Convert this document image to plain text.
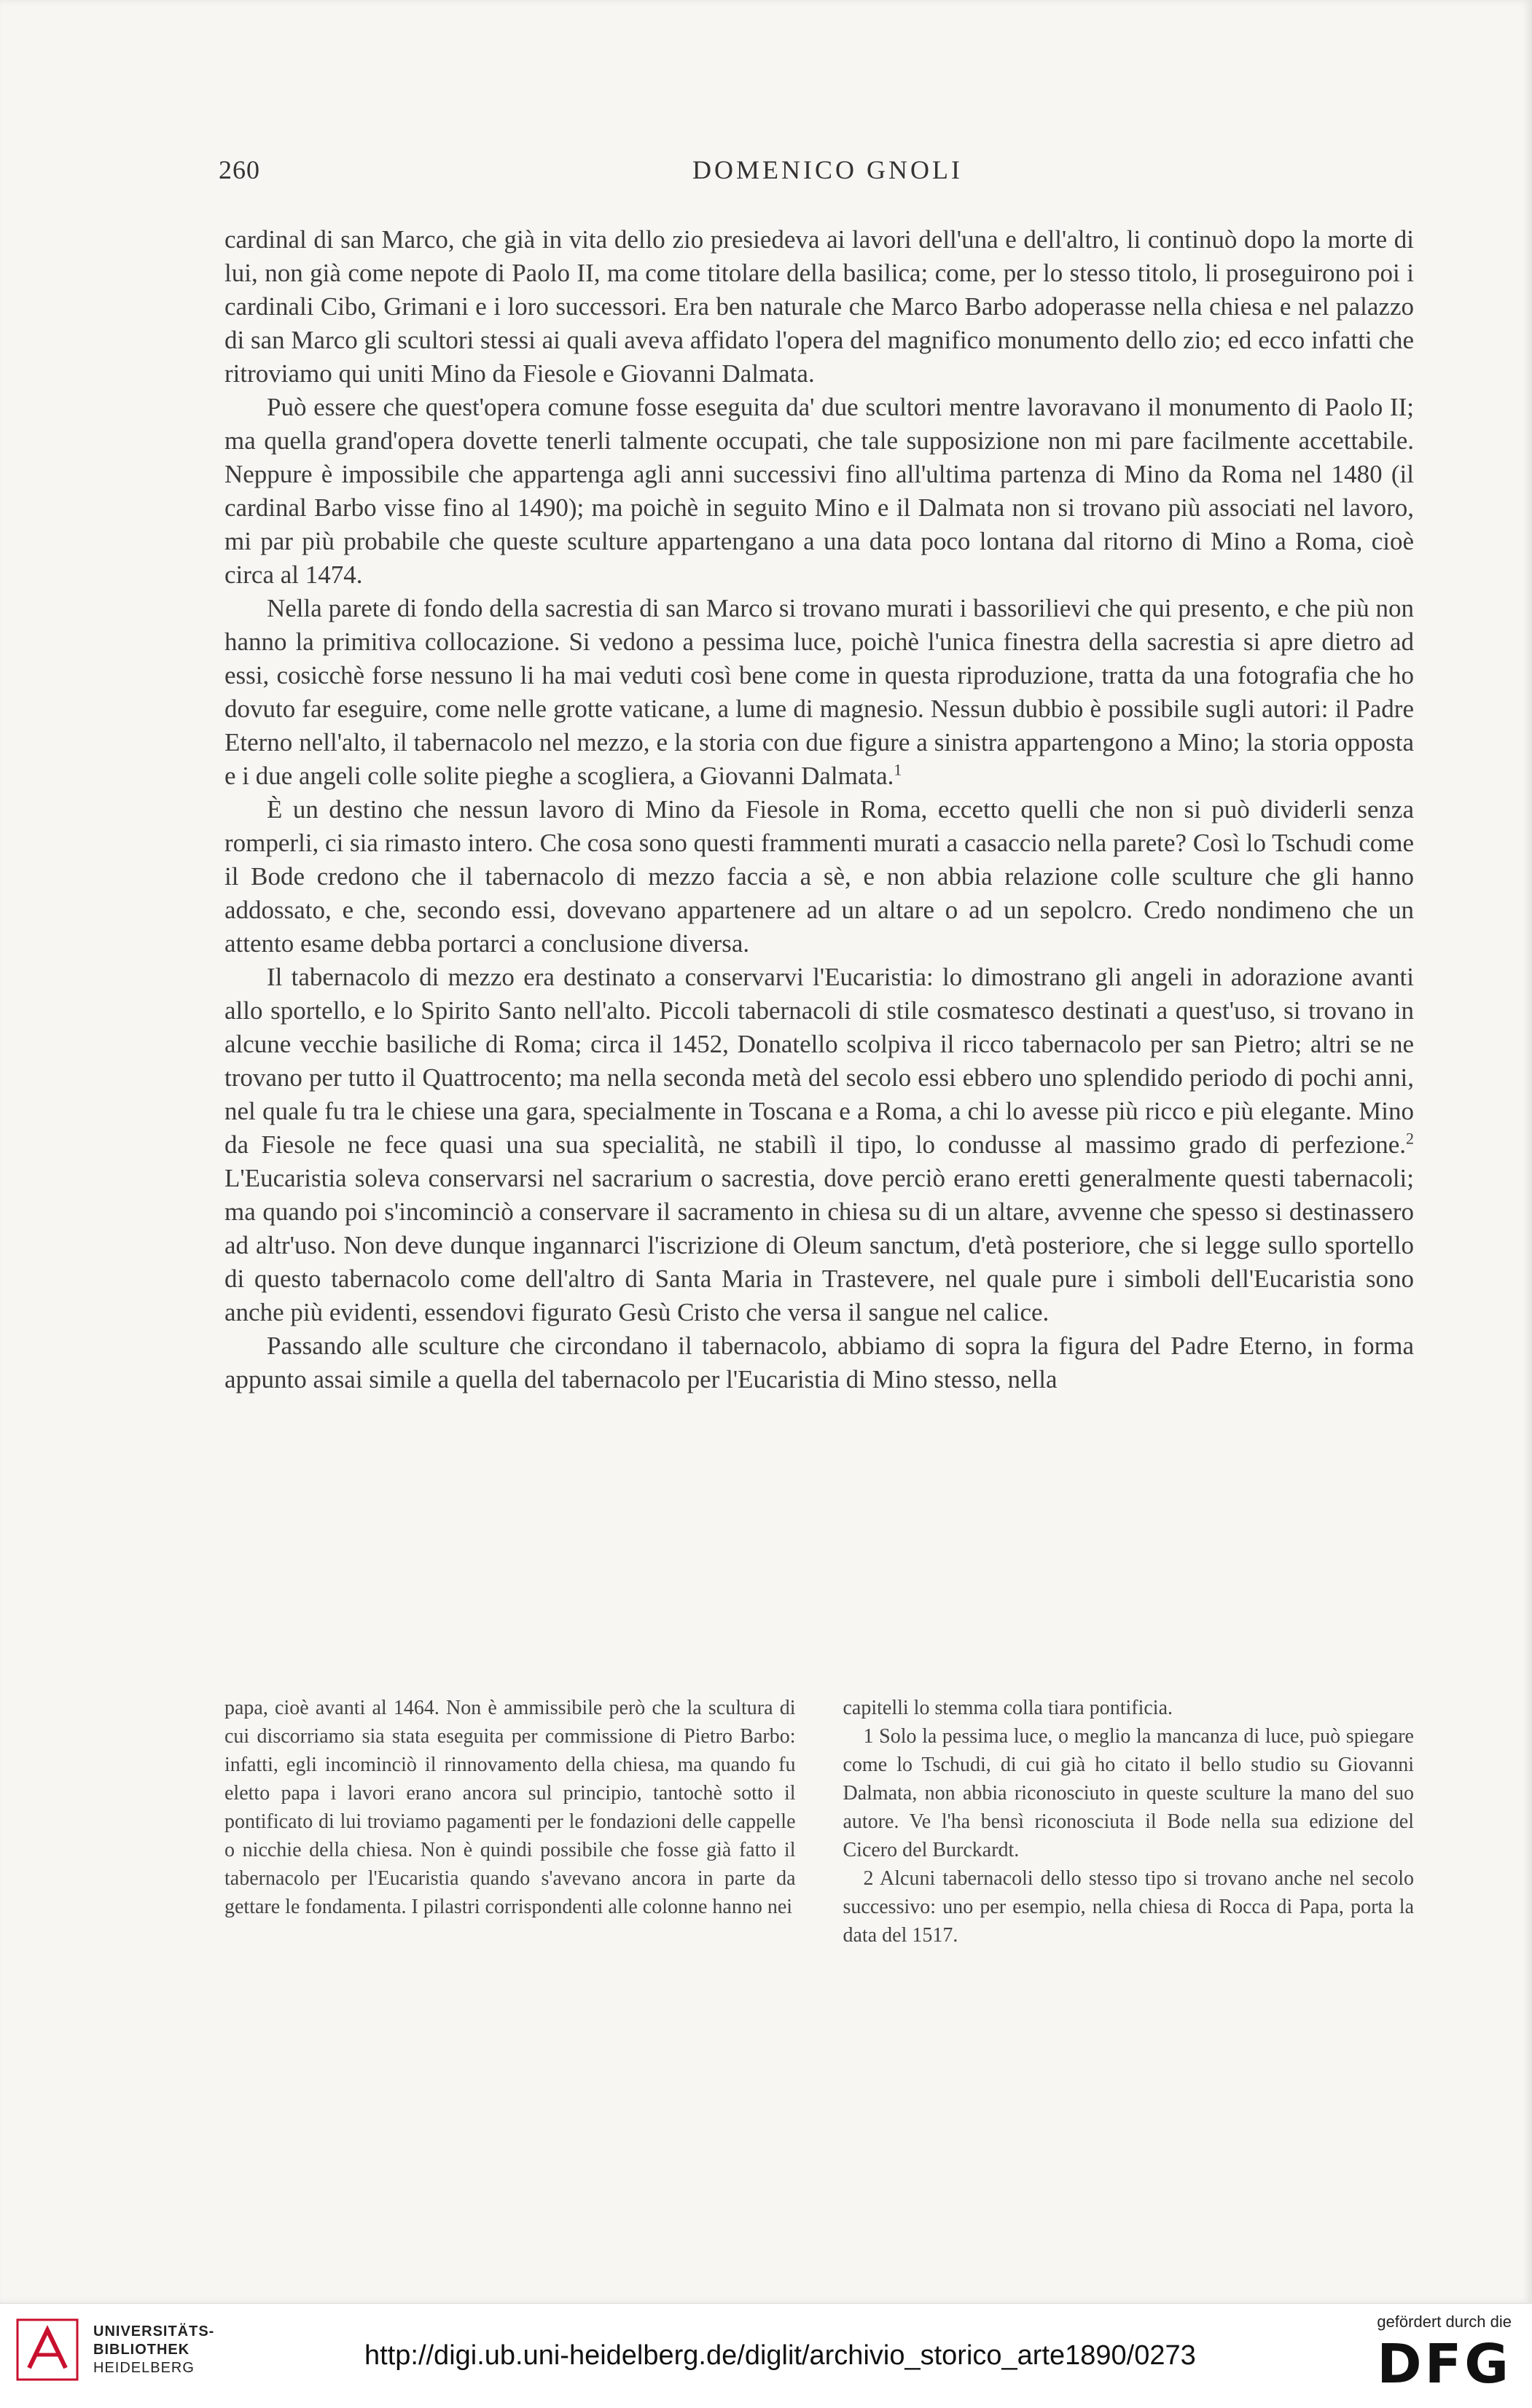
260	DOMENICO GNOLI

cardinal di san Marco, che già in vita dello zio presiedeva ai lavori dell'una e dell'altro, li continuò dopo la morte di lui, non già come nepote di Paolo II, ma come titolare della basilica; come, per lo stesso titolo, li proseguirono poi i cardinali Cibo, Grimani e i loro successori. Era ben naturale che Marco Barbo adoperasse nella chiesa e nel palazzo di san Marco gli scultori stessi ai quali aveva affidato l'opera del magnifico monumento dello zio; ed ecco infatti che ritroviamo qui uniti Mino da Fiesole e Giovanni Dalmata.

Può essere che quest'opera comune fosse eseguita da' due scultori mentre lavoravano il monumento di Paolo II; ma quella grand'opera dovette tenerli talmente occupati, che tale supposizione non mi pare facilmente accettabile. Neppure è impossibile che appartenga agli anni successivi fino all'ultima partenza di Mino da Roma nel 1480 (il cardinal Barbo visse fino al 1490); ma poichè in seguito Mino e il Dalmata non si trovano più associati nel lavoro, mi par più probabile che queste sculture appartengano a una data poco lontana dal ritorno di Mino a Roma, cioè circa al 1474.

Nella parete di fondo della sacrestia di san Marco si trovano murati i bassorilievi che qui presento, e che più non hanno la primitiva collocazione. Si vedono a pessima luce, poichè l'unica finestra della sacrestia si apre dietro ad essi, cosicchè forse nessuno li ha mai veduti così bene come in questa riproduzione, tratta da una fotografia che ho dovuto far eseguire, come nelle grotte vaticane, a lume di magnesio. Nessun dubbio è possibile sugli autori: il Padre Eterno nell'alto, il tabernacolo nel mezzo, e la storia con due figure a sinistra appartengono a Mino; la storia opposta e i due angeli colle solite pieghe a scogliera, a Giovanni Dalmata.$^1$

È un destino che nessun lavoro di Mino da Fiesole in Roma, eccetto quelli che non si può dividerli senza romperli, ci sia rimasto intero. Che cosa sono questi frammenti murati a casaccio nella parete? Così lo Tschudi come il Bode credono che il tabernacolo di mezzo faccia a sè, e non abbia relazione colle sculture che gli hanno addossato, e che, secondo essi, dovevano appartenere ad un altare o ad un sepolcro. Credo nondimeno che un attento esame debba portarci a conclusione diversa.

Il tabernacolo di mezzo era destinato a conservarvi l'Eucaristia: lo dimostrano gli angeli in adorazione avanti allo sportello, e lo Spirito Santo nell'alto. Piccoli tabernacoli di stile cosmatesco destinati a quest'uso, si trovano in alcune vecchie basiliche di Roma; circa il 1452, Donatello scolpiva il ricco tabernacolo per san Pietro; altri se ne trovano per tutto il Quattrocento; ma nella seconda metà del secolo essi ebbero uno splendido periodo di pochi anni, nel quale fu tra le chiese una gara, specialmente in Toscana e a Roma, a chi lo avesse più ricco e più elegante. Mino da Fiesole ne fece quasi una sua specialità, ne stabilì il tipo, lo condusse al massimo grado di perfezione.$^2$ L'Eucaristia soleva conservarsi nel sacrarium o sacrestia, dove perciò erano eretti generalmente questi tabernacoli; ma quando poi s'incominciò a conservare il sacramento in chiesa su di un altare, avvenne che spesso si destinassero ad altr'uso. Non deve dunque ingannarci l'iscrizione di Oleum sanctum, d'età posteriore, che si legge sullo sportello di questo tabernacolo come dell'altro di Santa Maria in Trastevere, nel quale pure i simboli dell'Eucaristia sono anche più evidenti, essendovi figurato Gesù Cristo che versa il sangue nel calice.

Passando alle sculture che circondano il tabernacolo, abbiamo di sopra la figura del Padre Eterno, in forma appunto assai simile a quella del tabernacolo per l'Eucaristia di Mino stesso, nella

papa, cioè avanti al 1464. Non è ammissibile però che la scultura di cui discorriamo sia stata eseguita per commissione di Pietro Barbo: infatti, egli incominciò il rinnovamento della chiesa, ma quando fu eletto papa i lavori erano ancora sul principio, tantochè sotto il pontificato di lui troviamo pagamenti per le fondazioni delle cappelle o nicchie della chiesa. Non è quindi possibile che fosse già fatto il tabernacolo per l'Eucaristia quando s'avevano ancora in parte da gettare le fondamenta. I pilastri corrispondenti alle colonne hanno nei

capitelli lo stemma colla tiara pontificia.

1 Solo la pessima luce, o meglio la mancanza di luce, può spiegare come lo Tschudi, di cui già ho citato il bello studio su Giovanni Dalmata, non abbia riconosciuto in queste sculture la mano del suo autore. Ve l'ha bensì riconosciuta il Bode nella sua edizione del Cicero del Burckardt.

2 Alcuni tabernacoli dello stesso tipo si trovano anche nel secolo successivo: uno per esempio, nella chiesa di Rocca di Papa, porta la data del 1517.

UNIVERSITÄTS-
BIBLIOTHEK
HEIDELBERG	http://digi.ub.uni-heidelberg.de/diglit/archivio_storico_arte1890/0273
gefördert durch die
DFG
